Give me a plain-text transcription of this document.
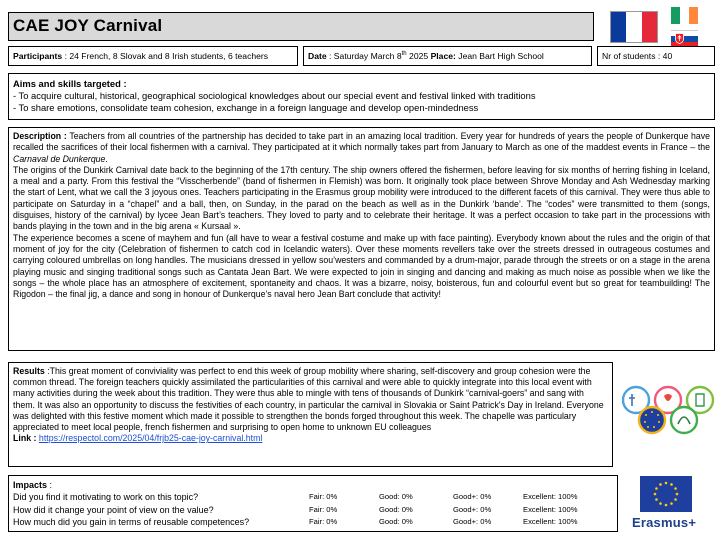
CAE JOY Carnival
Participants : 24 French, 8 Slovak and 8 Irish students, 6 teachers	Date : Saturday March 8th 2025 Place: Jean Bart High School	Nr of students : 40
Aims and skills targeted :
- To acquire cultural, historical, geographical sociological knowledges about our special event and festival linked with traditions
- To share emotions, consolidate team cohesion, exchange in a foreign language and develop open-mindedness

Description : Teachers from all countries of the partnership has decided to take part in an amazing local tradition. Every year for hundreds of years the people of Dunkerque have recalled the sacrifices of their local fishermen with a carnival. They participated at it which normally takes part from January to March as one of the maddest events in France – the Carnaval de Dunkerque.

The origins of the Dunkirk Carnival date back to the beginning of the 17th century. The ship owners offered the fishermen, before leaving for six months of herring fishing in Iceland, a meal and a party. From this festival the “Visscherbende” (band of fishermen in Flemish) was born. It originally took place between Shrove Monday and Ash Wednesday marking the start of Lent, what we call the 3 joyous ones. Teachers participating in the Erasmus group mobility were introduced to the different facets of this carnival. They were thus able to participate on Saturday in a “chapel” and a ball, then, on Sunday, in the parad on the beach as well as in the Dunkirk ‘bande’. The “codes” were transmitted to them (songs, disguises, history of the carnival) by lycee Jean Bart’s teachers. They loved to party and to celebrate their heritage. It was a perfect occasion to take part in the processions with bands playing in the town and in the big arena « Kursaal ».

The experience becomes a scene of mayhem and fun (all have to wear a festival costume and make up with face painting). Everybody known about the rules and the origin of that moment of joy for the city (Celebration of fishermen to catch cod in Icelandic waters). Over these moments revellers take over the streets dressed in outrageous costumes and carrying coloured umbrellas on long handles. The musicians dressed in yellow sou’westers and commanded by a drum-major, parade through the streets or on a stage in the arena playing music and singing traditional songs such as Cantata Jean Bart. We were expected to join in singing and dancing and making as much noise as possible when we like the songs – the whole place has an atmosphere of excitement, spontaneity and chaos. It was a bizarre, noisy, boisterous, fun and colourful event but so great for teambuilding! The Rigodon – the final jig, a dance and song in honour of Dunkerque’s naval hero Jean Bart conclude that activity!

Results :This great moment of conviviality was perfect to end this week of group mobility where sharing, self-discovery and group cohesion were the common thread. The foreign teachers quickly assimilated the particularities of this carnival and were able to quickly integrate into this local event with many activities during the week about this tradition. They were thus able to mingle with tens of thousands of Dunkirk “carnival-goers” and sang with them. It was also an opportunity to discuss the festivities of each country, in particular the carnival in Slovakia or Saint Patrick's Day in Ireland. Everyone was delighted with this festive moment which made it possible to strengthen the bonds forged throughout this week. The chapelle was particulary appreciated to meet local people, french fishermen and surprising to open home to unknown EU colleagues
Link : https://respectol.com/2025/04/frjb25-cae-joy-carnival.html
Impacts :
Did you find it motivating to work on this topic?	Fair: 0%	Good: 0%	Good+: 0%	Excellent: 100%
How did it change your point of view on the value?	Fair: 0%	Good: 0%	Good+: 0%	Excellent: 100%
How much did you gain in terms of reusable competences?	Fair: 0%	Good: 0%	Good+: 0%	Excellent: 100%	Erasmus+
